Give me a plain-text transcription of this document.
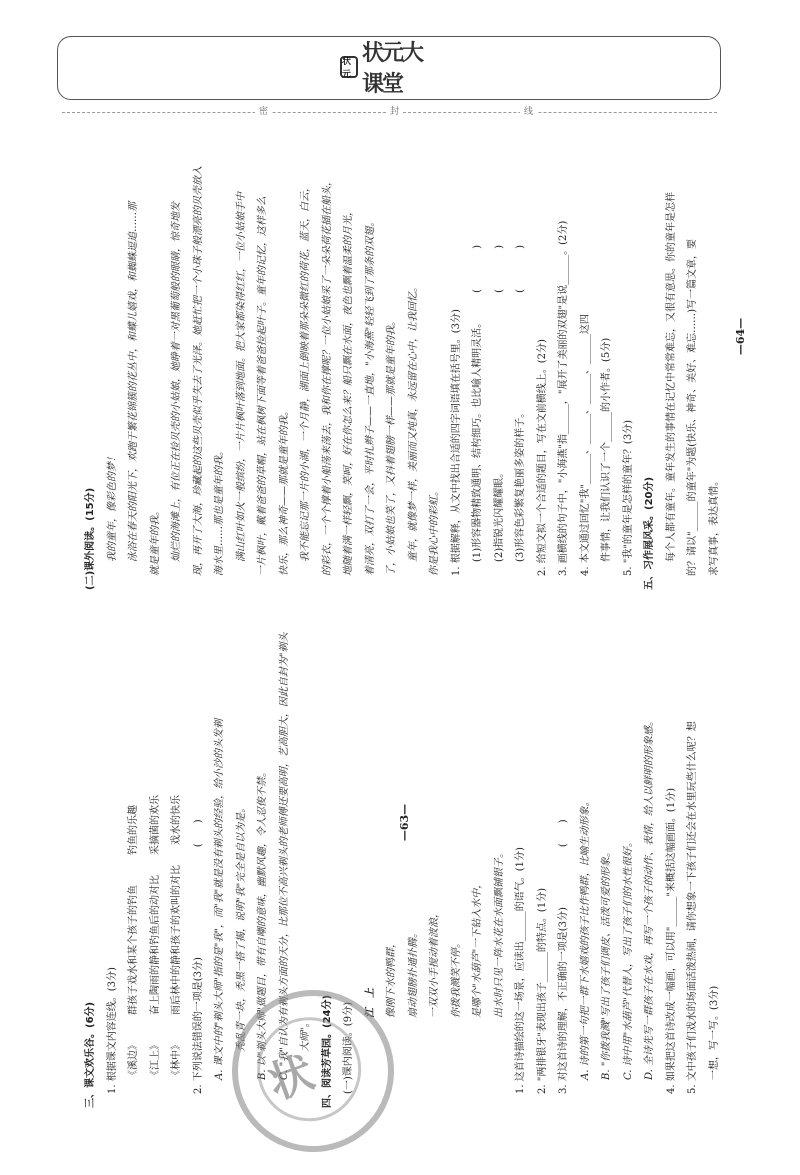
状元
状元大课堂
密	封	线

三、课文欢乐谷。(6分)	1. 根据课文内容连线。(3分)	《溪边》　　　群孩子戏水和某个孩子的钓鱼　　　钓鱼的乐趣	《江上》　　　奋上陶雨的静和钓鱼后的动对比　　采摘菌的欢乐	《林中》　　　雨后林中的静和孩子的欢叫的对比　　戏水的快乐	2. 下列说法错误的一项是(3分)　　　　　　　　　　　(　　)	A. 课文中的"剃头大师"指的是"我"，而"我"就是没有剃头的经验，给小沙的头发剃	秃乱青一块，秃黑一搭了揭，说明"我"完全是自以为是。	B. 以"剃头大师"做题目，带有自嘲的意味，幽默风趣，令人忍俊不禁。	C. "我"自认为有剃头方面的天分，比那位不高兴剃头的老师傅还要高明，艺高胆大，因此自封为"剃头	大师"。	四、阅读芳草园。(24分)	(一)课内阅读。(9分)	江　上	像刚下水的鸭群，	扇动翅膀扑通扑腾。	一双双小手搅动着波浪，	你拨我溅笑不停。	是哪个"水葫芦"一下钻入水中，	出水时只见一阵水花在水面飘铺银子。	1. 这首诗描绘的这一场景，应读出______的语气。(1分)	2. "两排银牙"表现出孩子______的特点。(1分)	3. 对这首诗的理解，不正确的一项是(3分)　　　　　　(　　)	A. 诗的第一句把一群下水嬉戏的孩子比作鸭群，比喻生动形象。	B. "你拨我溅"写出了孩子们调皮、活泼可爱的形象。	C. 诗中用"水葫芦"代替人，写出了孩子们的水性很好。	D. 全诗先写一群孩子在水戏，再写一个孩子的动作、表情，给人以鲜明的形象感。	4. 如果把这首诗改成一幅画，可以用"______"来概括这幅画面。(1分)	5. 文中孩子们戏水的场面活泼热闹，请你想象一下孩子们还会在水里玩些什么呢？想	一想，写一写。(3分)

(二)课外阅读。(15分)	我的童年，像彩色的梦！	泳浴在春天的阳光下，欢跑于繁花锦簇的花丛中，和蝶儿嬉戏，和蜘蛛逗追……那	就是童年的我。	灿烂的海滩上，有位正在捡贝壳的小姑娘，她睁着一对黑葡萄般的眼睛，惊奇地发	现，再开了大海，珍藏起的这些贝壳似乎失去了光泽。她赶忙把一个小珠子般漂亮的贝壳放入	海水里……那也是童年的我。	满山红叶如火一般缤纷，一片片枫叶落到地面。把大家都染得红红，一位小姑娘手中	一片枫叶，戴着爸爸的草帽，站在枫树下面等着爸爸捡起叶子。童年的记忆，这样多么	快乐，那么神奇——那就是童年的我。	我不能忘记那一片的小湖，一个月静，湖面上倒映着那朵朵微红的荷花，蓝天，白云，	的彩衣，一个个撑着小船荡来荡去，我和你在撑呢？一位小姑娘采了一朵朵荷花插在船头，	地随着满一样轻飘，笑呵，好在你怎么来？船只飘在水面，夜色也飘着温柔的月光，	着清亮，双打了一会，平时扎辫子——一直地，"小海燕"轻轻飞到了那条的双翅。	了，小姑娘也笑了，又抖着翅膀一样——那就是童年的我。	童年，就像梦一样，美丽而又纯真，永远留在心中，让我回忆。	你是我心中的彩虹。	1. 根据解释，从文中找出合适的四字词语填在括号里。(3分)	(1)形容器物精致通明、结构细巧。也比喻人精明灵活。　　　(　　　　)	(2)指锐光闪耀耀眼。　　　　　　　　　　　　　　　　　　(　　　　)	(3)形容色彩繁复艳丽多姿的样子。　　　　　　　　　　　　(　　　　)	2. 给短文拟一个合适的题目，写在文前横线上。(2分)	3. 画横线的句子中，"小海燕"指______，"展开了美丽的双翅"是说______。(2分)	4. 本文通过回忆"我"______、______、______、______这四	件事情，让我们认识了一个______的小作者。(5分)	5. "我"的童年是怎样的童年？(3分)	五、习作展风采。(20分)	每个人都有童年。童年发生的事情在记忆中常常难忘，又很有意思。你的童年是怎样	的？请以"______的童年"为题(快乐、神奇、美好、难忘……)写一篇文章，要	求写真事，表达真情。

—63—
—64—
状
